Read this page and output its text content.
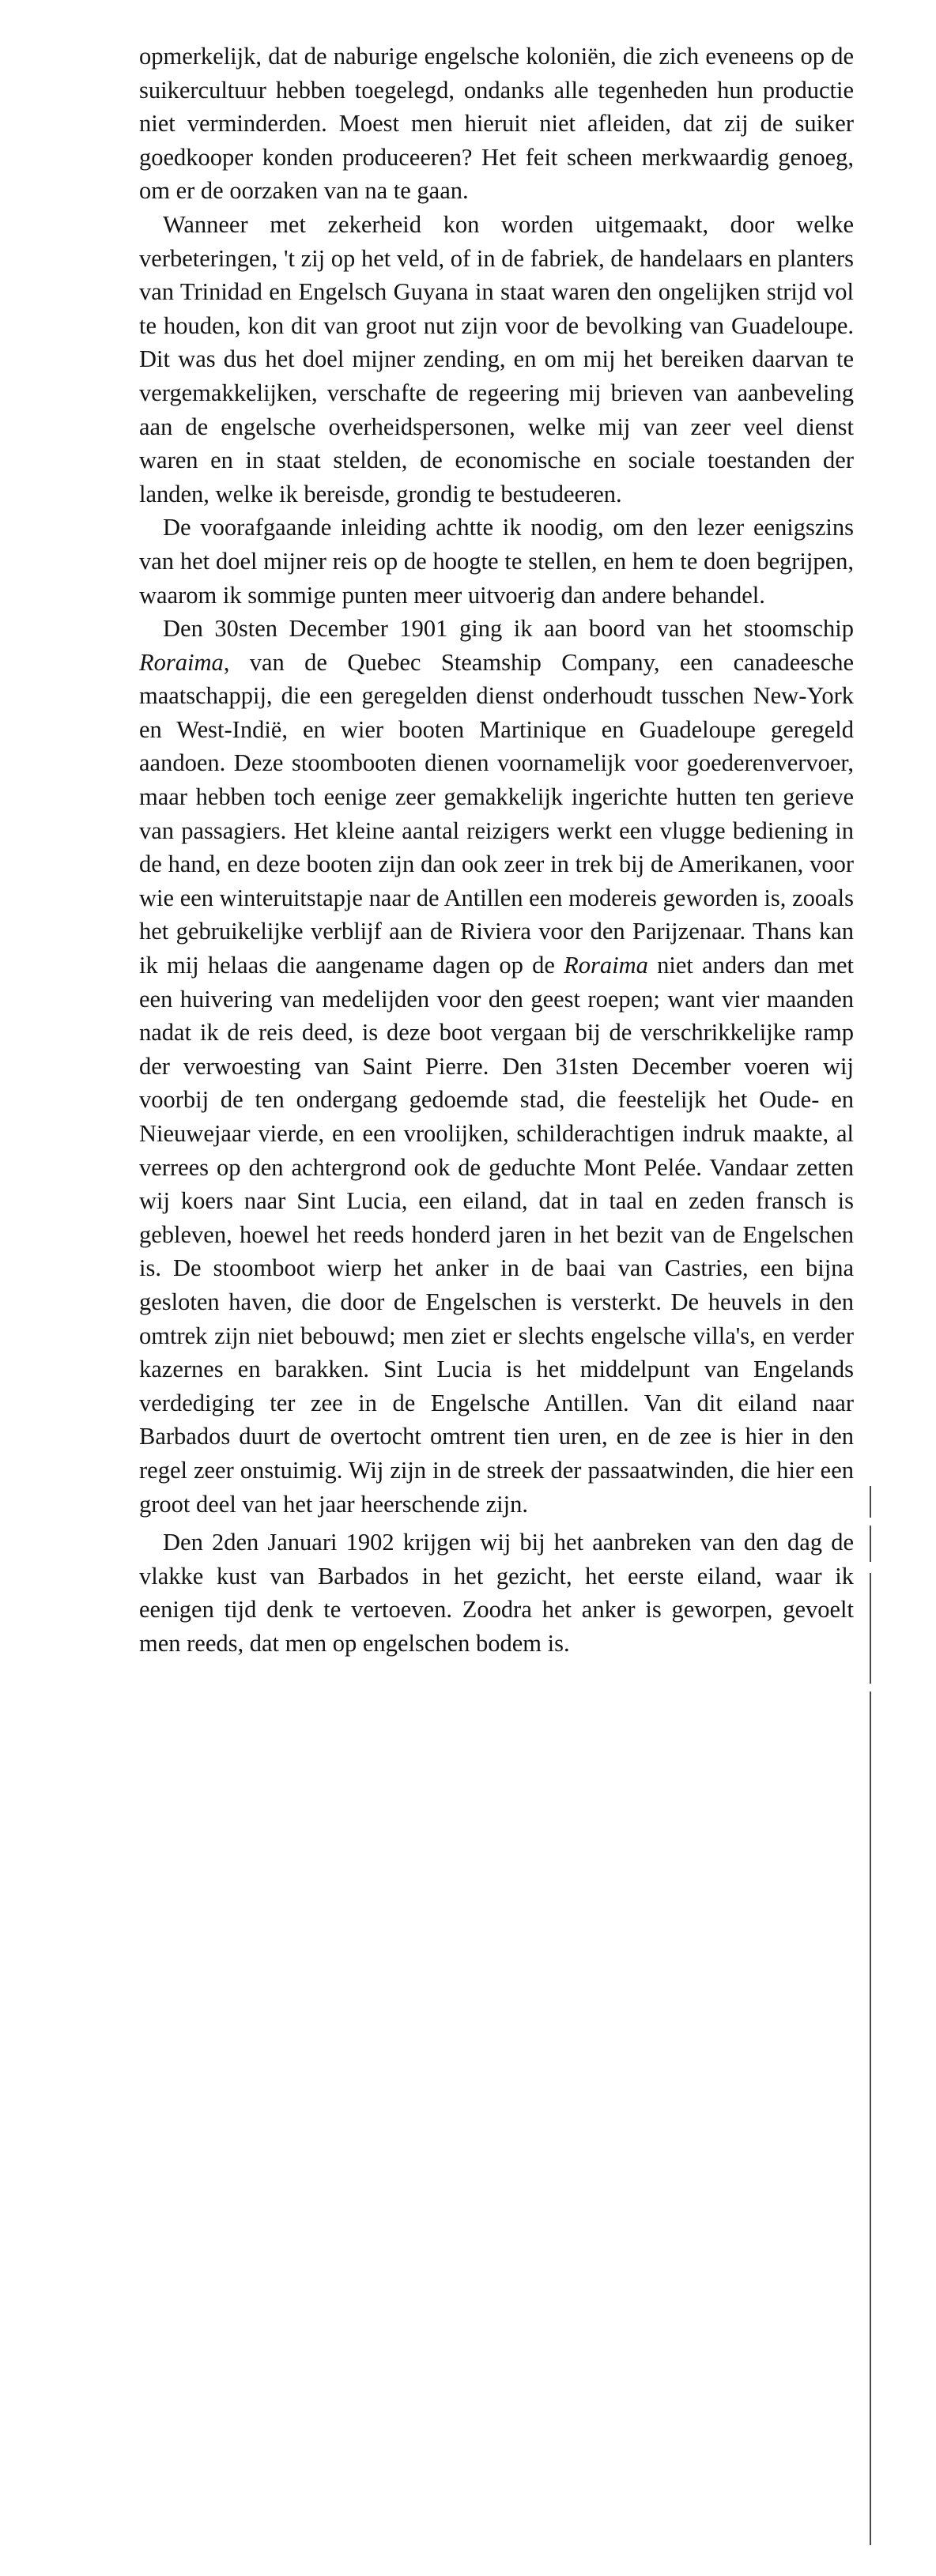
opmerkelijk, dat de naburige engelsche koloniën, die zich eveneens op de suikercultuur hebben toegelegd, ondanks alle tegenheden hun productie niet verminderden. Moest men hieruit niet afleiden, dat zij de suiker goedkooper konden produceeren? Het feit scheen merkwaardig genoeg, om er de oorzaken van na te gaan.

Wanneer met zekerheid kon worden uitgemaakt, door welke verbeteringen, 't zij op het veld, of in de fabriek, de handelaars en planters van Trinidad en Engelsch Guyana in staat waren den ongelijken strijd vol te houden, kon dit van groot nut zijn voor de bevolking van Guadeloupe. Dit was dus het doel mijner zending, en om mij het bereiken daarvan te vergemakkelijken, verschafte de regeering mij brieven van aanbeveling aan de engelsche overheidspersonen, welke mij van zeer veel dienst waren en in staat stelden, de economische en sociale toestanden der landen, welke ik bereisde, grondig te bestudeeren.

De voorafgaande inleiding achtte ik noodig, om den lezer eenigszins van het doel mijner reis op de hoogte te stellen, en hem te doen begrijpen, waarom ik sommige punten meer uitvoerig dan andere behandel.

Den 30sten December 1901 ging ik aan boord van het stoomschip Roraima, van de Quebec Steamship Company, een canadeesche maatschappij, die een geregelden dienst onderhoudt tusschen New-York en West-Indië, en wier booten Martinique en Guadeloupe geregeld aandoen. Deze stoombooten dienen voornamelijk voor goederenvervoer, maar hebben toch eenige zeer gemakkelijk ingerichte hutten ten gerieve van passagiers. Het kleine aantal reizigers werkt een vlugge bediening in de hand, en deze booten zijn dan ook zeer in trek bij de Amerikanen, voor wie een winteruitstapje naar de Antillen een modereis geworden is, zooals het gebruikelijke verblijf aan de Riviera voor den Parijzenaar. Thans kan ik mij helaas die aangename dagen op de Roraima niet anders dan met een huivering van medelijden voor den geest roepen; want vier maanden nadat ik de reis deed, is deze boot vergaan bij de verschrikkelijke ramp der verwoesting van Saint Pierre. Den 31sten December voeren wij voorbij de ten ondergang gedoemde stad, die feestelijk het Oude- en Nieuwejaar vierde, en een vroolijken, schilderachtigen indruk maakte, al verrees op den achtergrond ook de geduchte Mont Pelée. Vandaar zetten wij koers naar Sint Lucia, een eiland, dat in taal en zeden fransch is gebleven, hoewel het reeds honderd jaren in het bezit van de Engelschen is. De stoomboot wierp het anker in de baai van Castries, een bijna gesloten haven, die door de Engelschen is versterkt. De heuvels in den omtrek zijn niet bebouwd; men ziet er slechts engelsche villa's, en verder kazernes en barakken. Sint Lucia is het middelpunt van Engelands verdediging ter zee in de Engelsche Antillen. Van dit eiland naar Barbados duurt de overtocht omtrent tien uren, en de zee is hier in den regel zeer onstuimig. Wij zijn in de streek der passaatwinden, die hier een groot deel van het jaar heerschende zijn.

Den 2den Januari 1902 krijgen wij bij het aanbreken van den dag de vlakke kust van Barbados in het gezicht, het eerste eiland, waar ik eenigen tijd denk te vertoeven. Zoodra het anker is geworpen, gevoelt men reeds, dat men op engelschen bodem is.
